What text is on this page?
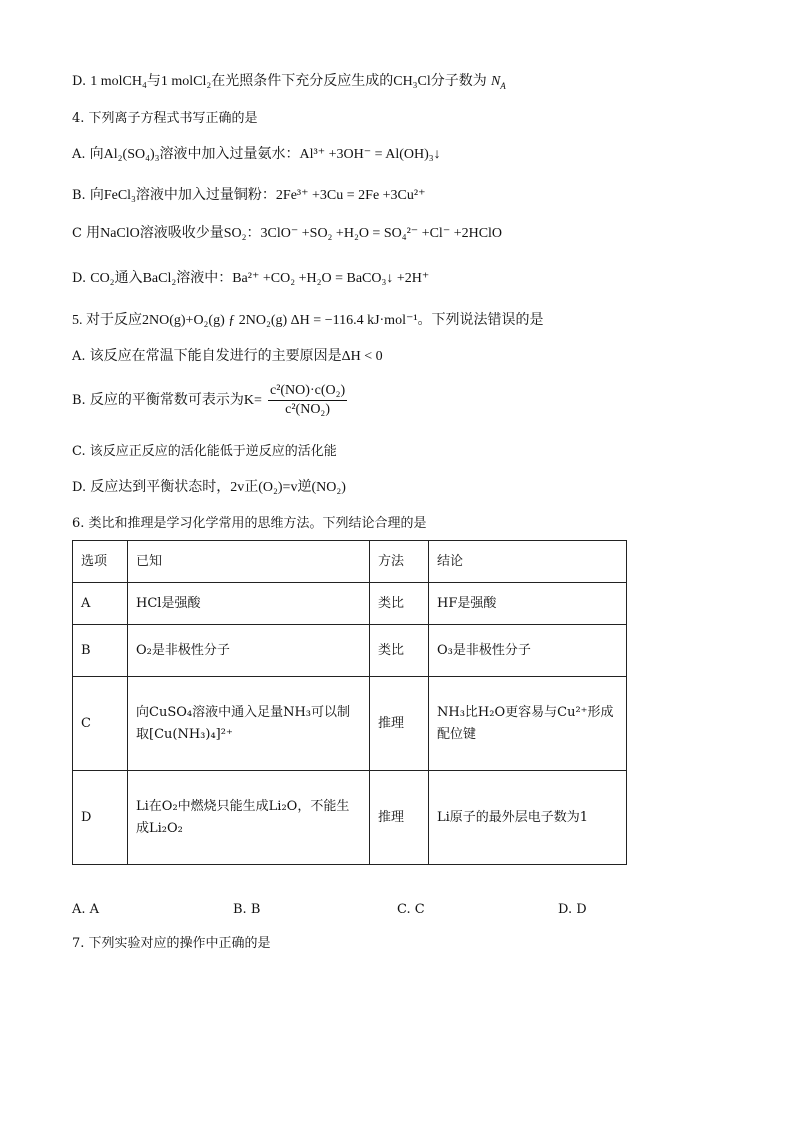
D. 1 molCH₄与1 molCl₂在光照条件下充分反应生成的CH₃Cl分子数为 $N_A$
4. 下列离子方程式书写正确的是
A. 向Al₂(SO₄)₃溶液中加入过量氨水：Al³⁺ +3OH⁻ = Al(OH)₃↓
B. 向FeCl₃溶液中加入过量铜粉：2Fe³⁺ +3Cu = 2Fe +3Cu²⁺
C 用NaClO溶液吸收少量SO₂：3ClO⁻ +SO₂ +H₂O = SO₄²⁻ +Cl⁻ +2HClO
D. CO₂通入BaCl₂溶液中：Ba²⁺ +CO₂ +H₂O = BaCO₃↓ +2H⁺
5. 对于反应2NO(g)+O₂(g) ƒ 2NO₂(g) ΔH = −116.4 kJ·mol⁻¹。下列说法错误的是
A. 该反应在常温下能自发进行的主要原因是ΔH < 0
B. 反应的平衡常数可表示为$K= \frac{\text{c²(NO)·c(O₂)}}{\text{c²(NO₂)}}$
C. 该反应正反应的活化能低于逆反应的活化能
D. 反应达到平衡状态时，2v正(O₂)=v逆(NO₂)
6. 类比和推理是学习化学常用的思维方法。下列结论合理的是
选项	已知	方法	结论
A	HCl是强酸	类比	HF是强酸
B	O₂是非极性分子	类比	O₃是非极性分子
C	向CuSO₄溶液中通入足量NH₃可以制取[Cu(NH₃)₄]²⁺	推理	NH₃比H₂O更容易与Cu²⁺形成配位键
D	Li在O₂中燃烧只能生成Li₂O，不能生成Li₂O₂	推理	Li原子的最外层电子数为1
A. A	B. B	C. C	D. D
7. 下列实验对应的操作中正确的是
